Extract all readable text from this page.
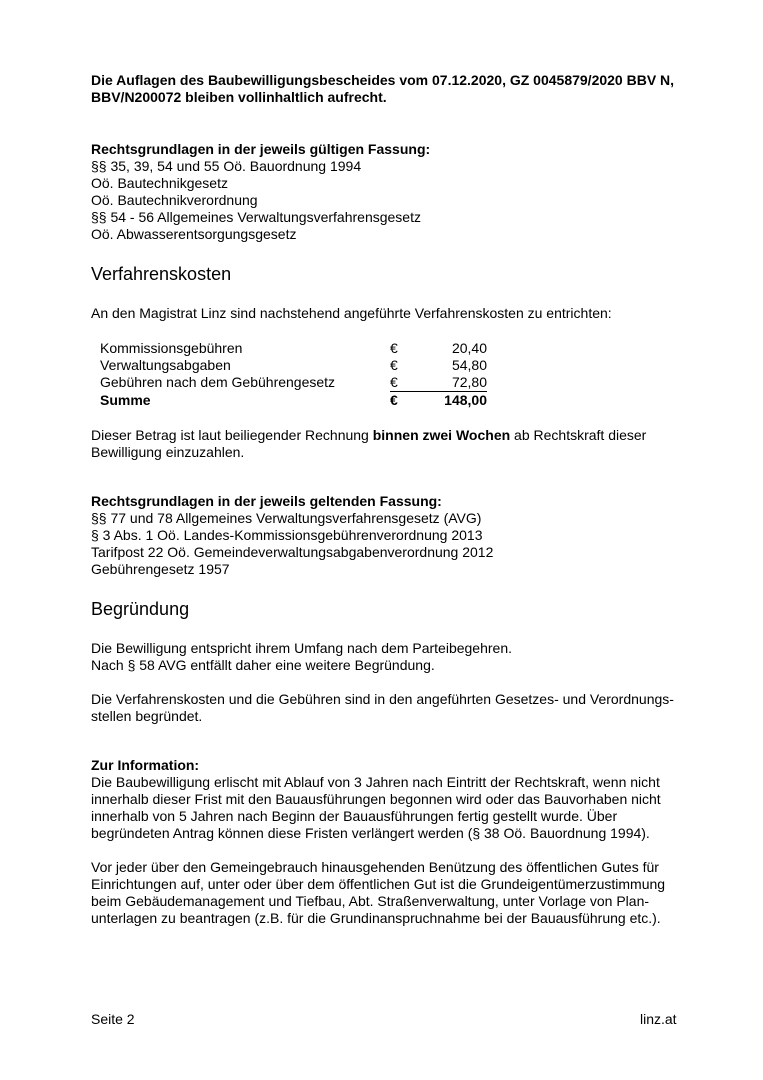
Die Auflagen des Baubewilligungsbescheides vom 07.12.2020, GZ 0045879/2020 BBV N, BBV/N200072 bleiben vollinhaltlich aufrecht.

Rechtsgrundlagen in der jeweils gültigen Fassung:

§§ 35, 39, 54 und 55 Oö. Bauordnung 1994
Oö. Bautechnikgesetz
Oö. Bautechnikverordnung
§§ 54 - 56 Allgemeines Verwaltungsverfahrensgesetz
Oö. Abwasserentsorgungsgesetz
Verfahrenskosten

An den Magistrat Linz sind nachstehend angeführte Verfahrenskosten zu entrichten:

Kommissionsgebühren	€	20,40
Verwaltungsabgaben	€	54,80
Gebühren nach dem Gebührengesetz	€	72,80
Summe	€	148,00

Dieser Betrag ist laut beiliegender Rechnung binnen zwei Wochen ab Rechtskraft dieser Bewilligung einzuzahlen.

Rechtsgrundlagen in der jeweils geltenden Fassung:

§§ 77 und 78 Allgemeines Verwaltungsverfahrensgesetz (AVG)
§ 3 Abs. 1 Oö. Landes-Kommissionsgebührenverordnung 2013
Tarifpost 22 Oö. Gemeindeverwaltungsabgabenverordnung 2012
Gebührengesetz 1957
Begründung
Die Bewilligung entspricht ihrem Umfang nach dem Parteibegehren.
Nach § 58 AVG entfällt daher eine weitere Begründung.

Die Verfahrenskosten und die Gebühren sind in den angeführten Gesetzes- und Verordnungs-stellen begründet.

Zur Information:

Die Baubewilligung erlischt mit Ablauf von 3 Jahren nach Eintritt der Rechtskraft, wenn nicht innerhalb dieser Frist mit den Bauausführungen begonnen wird oder das Bauvorhaben nicht innerhalb von 5 Jahren nach Beginn der Bauausführungen fertig gestellt wurde. Über begründeten Antrag können diese Fristen verlängert werden (§ 38 Oö. Bauordnung 1994).

Vor jeder über den Gemeingebrauch hinausgehenden Benützung des öffentlichen Gutes für Einrichtungen auf, unter oder über dem öffentlichen Gut ist die Grundeigentümerzustimmung beim Gebäudemanagement und Tiefbau, Abt. Straßenverwaltung, unter Vorlage von Plan-unterlagen zu beantragen (z.B. für die Grundinanspruchnahme bei der Bauausführung etc.).

Seite 2	linz.at
